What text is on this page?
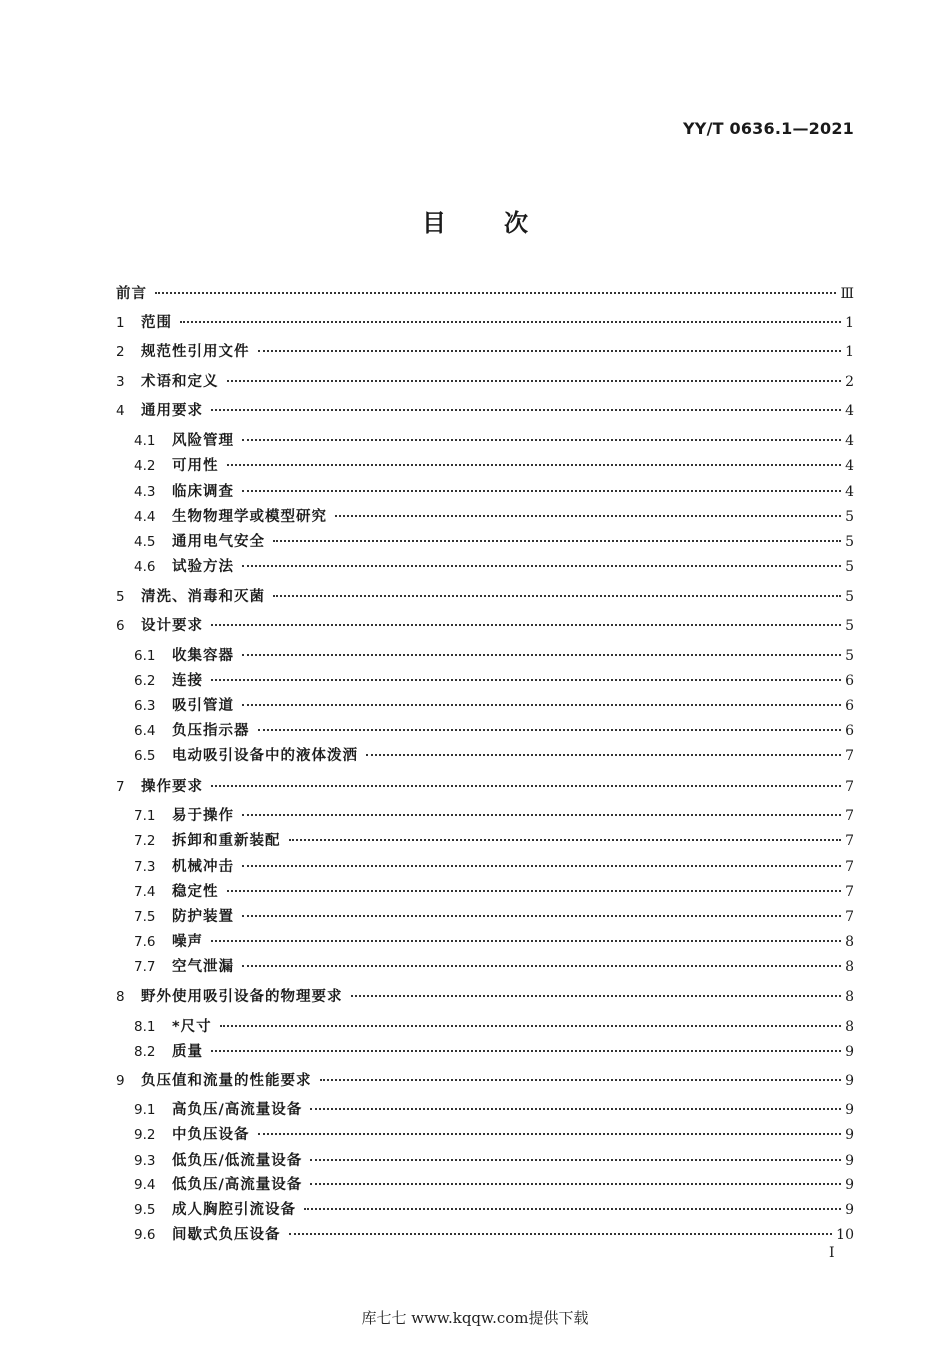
YY/T 0636.1—2021
目次
前言	Ⅲ
1	范围	1
2	规范性引用文件	1
3	术语和定义	2
4	通用要求	4
4.1	风险管理	4
4.2	可用性	4
4.3	临床调查	4
4.4	生物物理学或模型研究	5
4.5	通用电气安全	5
4.6	试验方法	5
5	清洗、消毒和灭菌	5
6	设计要求	5
6.1	收集容器	5
6.2	连接	6
6.3	吸引管道	6
6.4	负压指示器	6
6.5	电动吸引设备中的液体泼洒	7
7	操作要求	7
7.1	易于操作	7
7.2	拆卸和重新装配	7
7.3	机械冲击	7
7.4	稳定性	7
7.5	防护装置	7
7.6	噪声	8
7.7	空气泄漏	8
8	野外使用吸引设备的物理要求	8
8.1	*尺寸	8
8.2	质量	9
9	负压值和流量的性能要求	9
9.1	高负压/高流量设备	9
9.2	中负压设备	9
9.3	低负压/低流量设备	9
9.4	低负压/高流量设备	9
9.5	成人胸腔引流设备	9
9.6	间歇式负压设备	10
I
库七七 www.kqqw.com提供下载
